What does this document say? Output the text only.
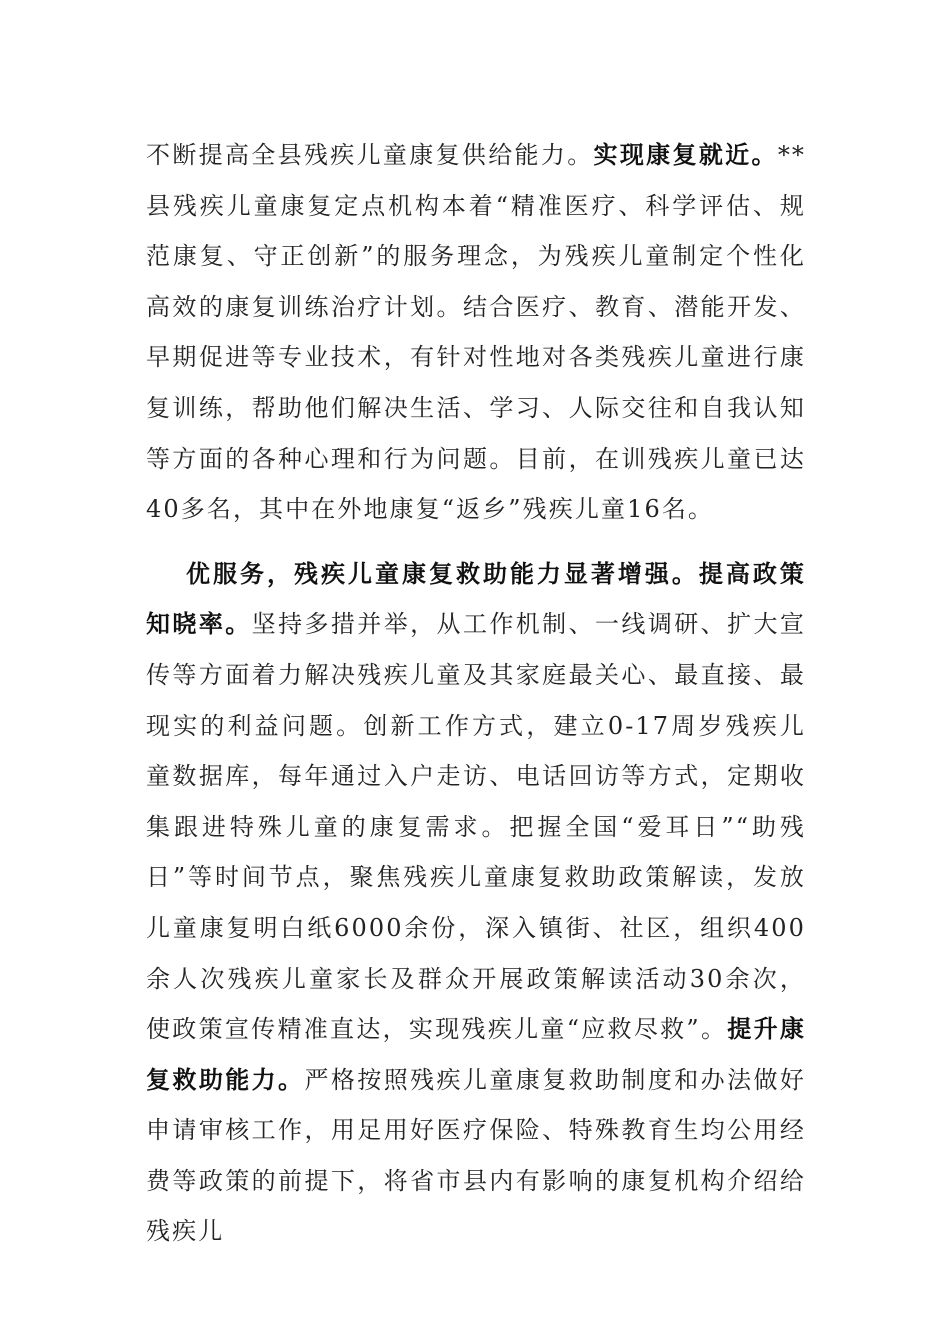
不断提高全县残疾儿童康复供给能力。实现康复就近。**县残疾儿童康复定点机构本着“精准医疗、科学评估、规范康复、守正创新”的服务理念，为残疾儿童制定个性化高效的康复训练治疗计划。结合医疗、教育、潜能开发、早期促进等专业技术，有针对性地对各类残疾儿童进行康复训练，帮助他们解决生活、学习、人际交往和自我认知等方面的各种心理和行为问题。目前，在训残疾儿童已达40多名，其中在外地康复“返乡”残疾儿童16名。

优服务，残疾儿童康复救助能力显著增强。提高政策知晓率。坚持多措并举，从工作机制、一线调研、扩大宣传等方面着力解决残疾儿童及其家庭最关心、最直接、最现实的利益问题。创新工作方式，建立0-17周岁残疾儿童数据库，每年通过入户走访、电话回访等方式，定期收集跟进特殊儿童的康复需求。把握全国“爱耳日”“助残日”等时间节点，聚焦残疾儿童康复救助政策解读，发放儿童康复明白纸6000余份，深入镇街、社区，组织400余人次残疾儿童家长及群众开展政策解读活动30余次，使政策宣传精准直达，实现残疾儿童“应救尽救”。提升康复救助能力。严格按照残疾儿童康复救助制度和办法做好申请审核工作，用足用好医疗保险、特殊教育生均公用经费等政策的前提下，将省市县内有影响的康复机构介绍给残疾儿
